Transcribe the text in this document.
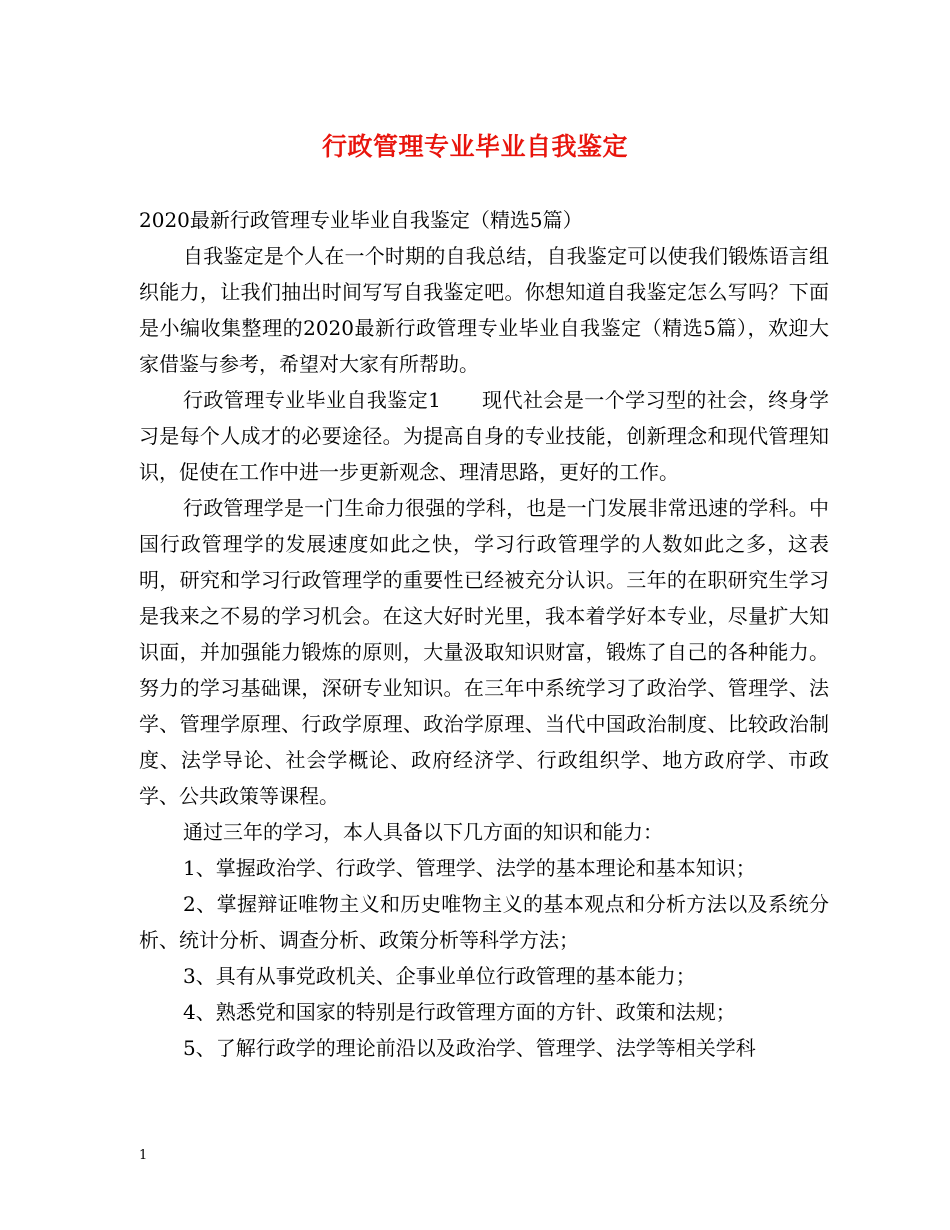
行政管理专业毕业自我鉴定

2020最新行政管理专业毕业自我鉴定（精选5篇）

自我鉴定是个人在一个时期的自我总结，自我鉴定可以使我们锻炼语言组织能力，让我们抽出时间写写自我鉴定吧。你想知道自我鉴定怎么写吗？下面是小编收集整理的2020最新行政管理专业毕业自我鉴定（精选5篇），欢迎大家借鉴与参考，希望对大家有所帮助。

行政管理专业毕业自我鉴定1　　现代社会是一个学习型的社会，终身学习是每个人成才的必要途径。为提高自身的专业技能，创新理念和现代管理知识，促使在工作中进一步更新观念、理清思路，更好的工作。

行政管理学是一门生命力很强的学科，也是一门发展非常迅速的学科。中国行政管理学的发展速度如此之快，学习行政管理学的人数如此之多，这表明，研究和学习行政管理学的重要性已经被充分认识。三年的在职研究生学习是我来之不易的学习机会。在这大好时光里，我本着学好本专业，尽量扩大知识面，并加强能力锻炼的原则，大量汲取知识财富，锻炼了自己的各种能力。努力的学习基础课，深研专业知识。在三年中系统学习了政治学、管理学、法学、管理学原理、行政学原理、政治学原理、当代中国政治制度、比较政治制度、法学导论、社会学概论、政府经济学、行政组织学、地方政府学、市政学、公共政策等课程。

通过三年的学习，本人具备以下几方面的知识和能力：

1、掌握政治学、行政学、管理学、法学的基本理论和基本知识；

2、掌握辩证唯物主义和历史唯物主义的基本观点和分析方法以及系统分析、统计分析、调查分析、政策分析等科学方法；

3、具有从事党政机关、企事业单位行政管理的基本能力；

4、熟悉党和国家的特别是行政管理方面的方针、政策和法规；

5、了解行政学的理论前沿以及政治学、管理学、法学等相关学科

1
